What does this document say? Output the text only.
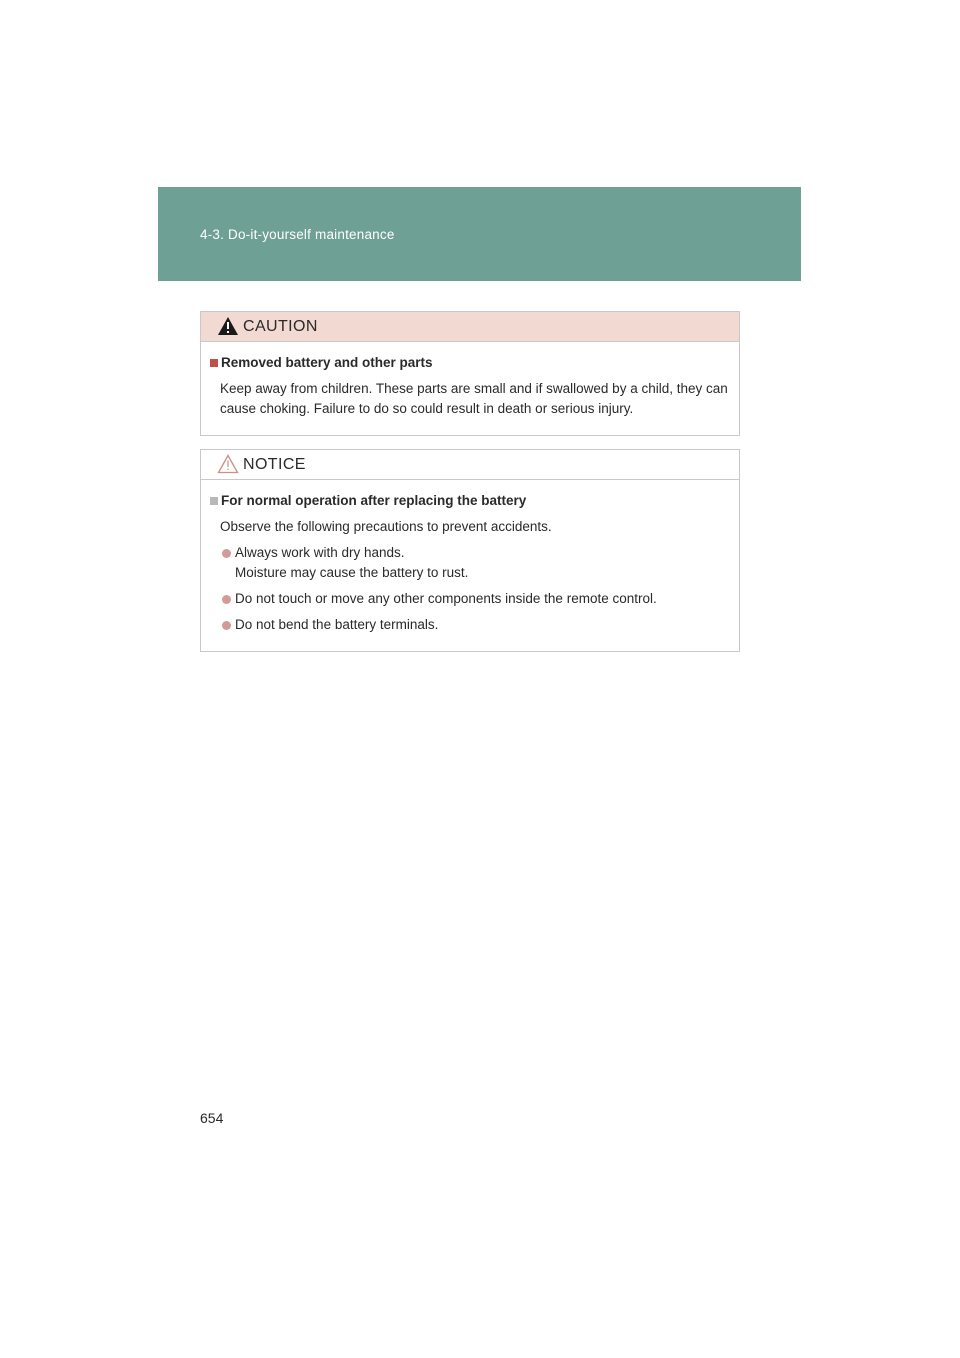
4-3. Do-it-yourself maintenance
CAUTION
Removed battery and other parts
Keep away from children. These parts are small and if swallowed by a child, they can cause choking. Failure to do so could result in death or serious injury.
NOTICE
For normal operation after replacing the battery
Observe the following precautions to prevent accidents.
Always work with dry hands.
Moisture may cause the battery to rust.
Do not touch or move any other components inside the remote control.
Do not bend the battery terminals.
654
